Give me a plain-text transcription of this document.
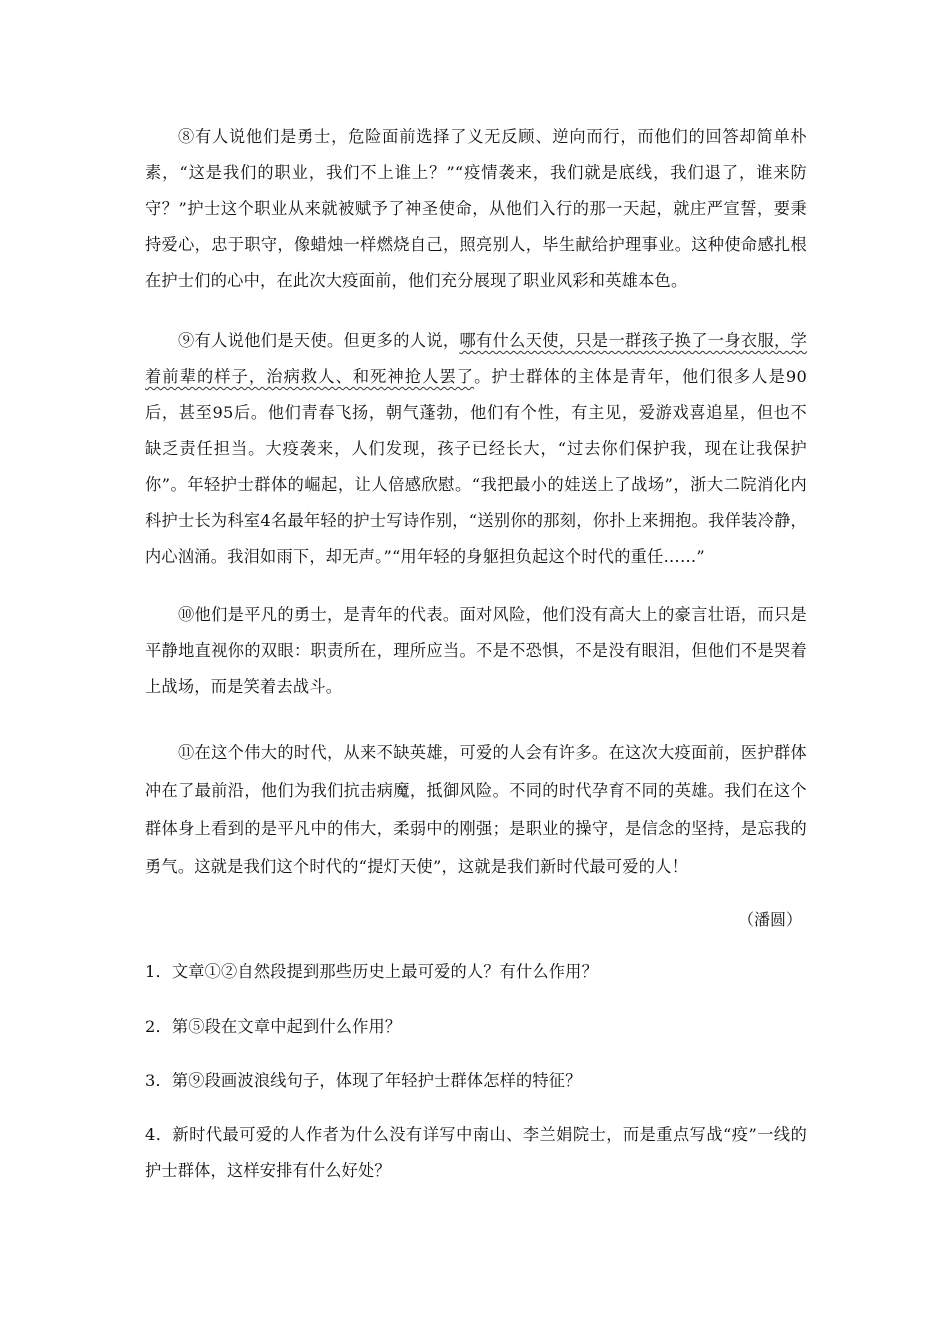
⑧有人说他们是勇士，危险面前选择了义无反顾、逆向而行，而他们的回答却简单朴素，“这是我们的职业，我们不上谁上？”“疫情袭来，我们就是底线，我们退了，谁来防守？”护士这个职业从来就被赋予了神圣使命，从他们入行的那一天起，就庄严宣誓，要秉持爱心，忠于职守，像蜡烛一样燃烧自己，照亮别人，毕生献给护理事业。这种使命感扎根在护士们的心中，在此次大疫面前，他们充分展现了职业风彩和英雄本色。

⑨有人说他们是天使。但更多的人说，哪有什么天使，只是一群孩子换了一身衣服，学着前辈的样子，治病救人、和死神抢人罢了。护士群体的主体是青年，他们很多人是90后，甚至95后。他们青春飞扬，朝气蓬勃，他们有个性，有主见，爱游戏喜追星，但也不缺乏责任担当。大疫袭来，人们发现，孩子已经长大，“过去你们保护我，现在让我保护你”。年轻护士群体的崛起，让人倍感欣慰。“我把最小的娃送上了战场”，浙大二院消化内科护士长为科室4名最年轻的护士写诗作别，“送别你的那刻，你扑上来拥抱。我佯装冷静，内心汹涌。我泪如雨下，却无声。”“用年轻的身躯担负起这个时代的重任……”

⑩他们是平凡的勇士，是青年的代表。面对风险，他们没有高大上的豪言壮语，而只是平静地直视你的双眼：职责所在，理所应当。不是不恐惧，不是没有眼泪，但他们不是哭着上战场，而是笑着去战斗。

⑪在这个伟大的时代，从来不缺英雄，可爱的人会有许多。在这次大疫面前，医护群体冲在了最前沿，他们为我们抗击病魔，抵御风险。不同的时代孕育不同的英雄。我们在这个群体身上看到的是平凡中的伟大，柔弱中的刚强；是职业的操守，是信念的坚持，是忘我的勇气。这就是我们这个时代的“提灯天使”，这就是我们新时代最可爱的人！

（潘圆）

1．文章①②自然段提到那些历史上最可爱的人？有什么作用？

2．第⑤段在文章中起到什么作用？

3．第⑨段画波浪线句子，体现了年轻护士群体怎样的特征？

4．新时代最可爱的人作者为什么没有详写中南山、李兰娟院士，而是重点写战“疫”一线的护士群体，这样安排有什么好处？
